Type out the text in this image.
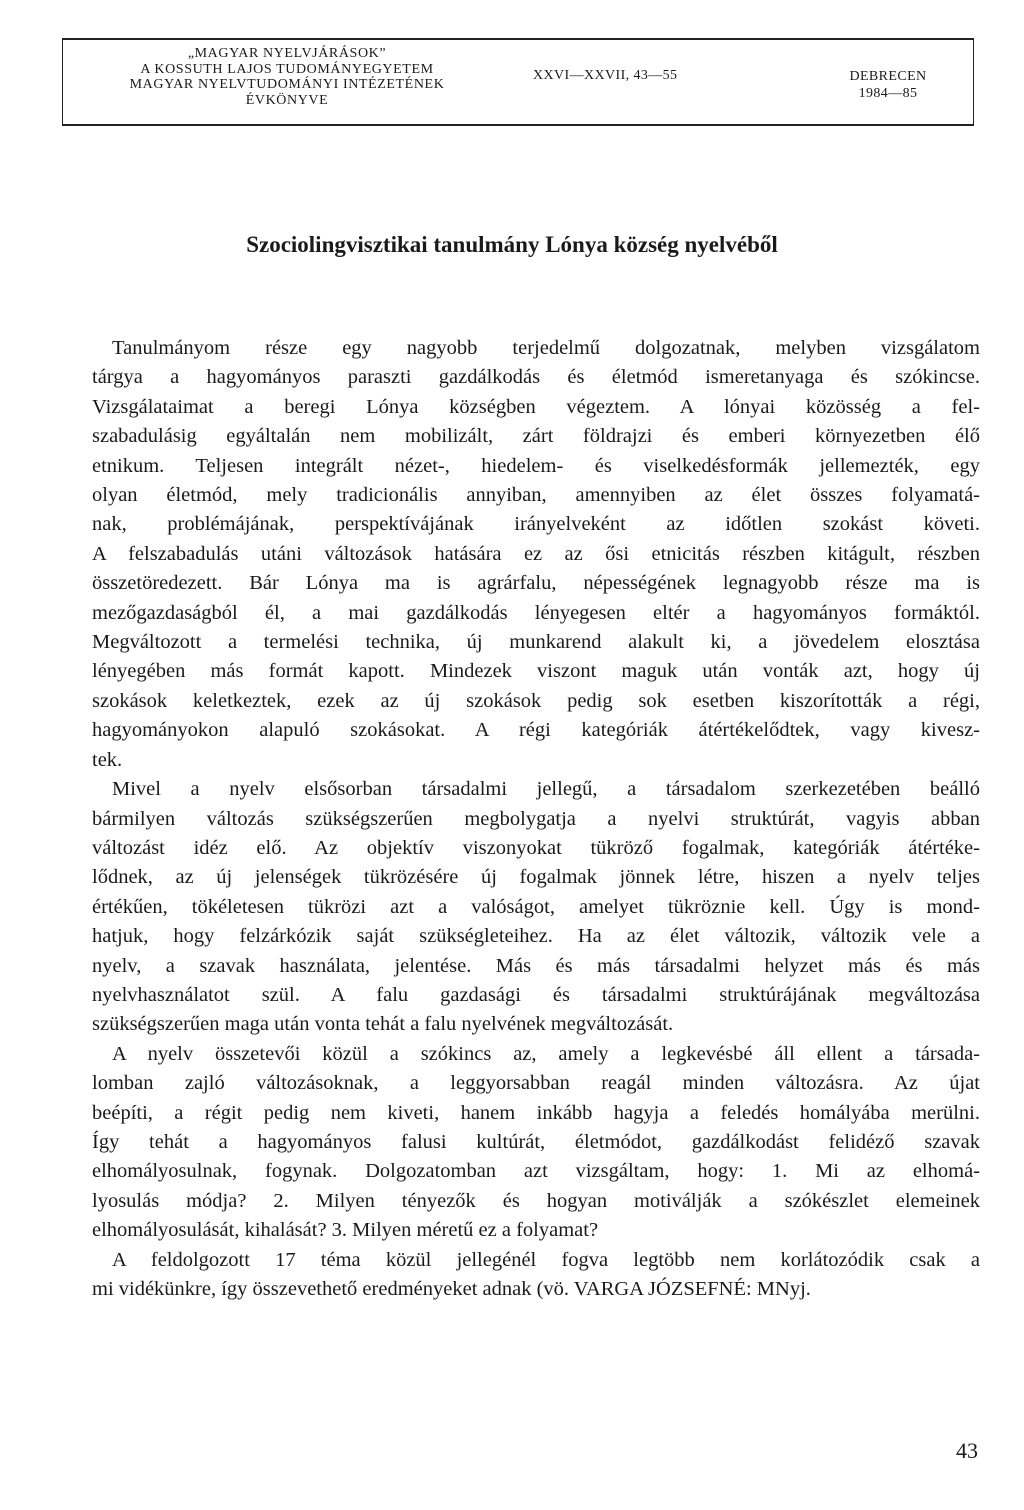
„MAGYAR NYELVJÁRÁSOK”
A KOSSUTH LAJOS TUDOMÁNYEGYETEM
MAGYAR NYELVTUDOMÁNYI INTÉZETÉNEK
ÉVKÖNYVE
XXVI—XXVII, 43—55	DEBRECEN
1984—85
Szociolingvisztikai tanulmány Lónya község nyelvéből

Tanulmányom része egy nagyobb terjedelmű dolgozatnak, melyben vizsgálatom
tárgya a hagyományos paraszti gazdálkodás és életmód ismeretanyaga és szókincse.
Vizsgálataimat a beregi Lónya községben végeztem. A lónyai közösség a fel-
szabadulásig egyáltalán nem mobilizált, zárt földrajzi és emberi környezetben élő
etnikum. Teljesen integrált nézet-, hiedelem- és viselkedésformák jellemezték, egy
olyan életmód, mely tradicionális annyiban, amennyiben az élet összes folyamatá-
nak, problémájának, perspektívájának irányelveként az időtlen szokást követi.
A felszabadulás utáni változások hatására ez az ősi etnicitás részben kitágult, részben
összetöredezett. Bár Lónya ma is agrárfalu, népességének legnagyobb része ma is
mezőgazdaságból él, a mai gazdálkodás lényegesen eltér a hagyományos formáktól.
Megváltozott a termelési technika, új munkarend alakult ki, a jövedelem elosztása
lényegében más formát kapott. Mindezek viszont maguk után vonták azt, hogy új
szokások keletkeztek, ezek az új szokások pedig sok esetben kiszorították a régi,
hagyományokon alapuló szokásokat. A régi kategóriák átértékelődtek, vagy kivesz-
tek.

Mivel a nyelv elsősorban társadalmi jellegű, a társadalom szerkezetében beálló
bármilyen változás szükségszerűen megbolygatja a nyelvi struktúrát, vagyis abban
változást idéz elő. Az objektív viszonyokat tükröző fogalmak, kategóriák átértéke-
lődnek, az új jelenségek tükrözésére új fogalmak jönnek létre, hiszen a nyelv teljes
értékűen, tökéletesen tükrözi azt a valóságot, amelyet tükröznie kell. Úgy is mond-
hatjuk, hogy felzárkózik saját szükségleteihez. Ha az élet változik, változik vele a
nyelv, a szavak használata, jelentése. Más és más társadalmi helyzet más és más
nyelvhasználatot szül. A falu gazdasági és társadalmi struktúrájának megváltozása
szükségszerűen maga után vonta tehát a falu nyelvének megváltozását.

A nyelv összetevői közül a szókincs az, amely a legkevésbé áll ellent a társada-
lomban zajló változásoknak, a leggyorsabban reagál minden változásra. Az újat
beépíti, a régit pedig nem kiveti, hanem inkább hagyja a feledés homályába merülni.
Így tehát a hagyományos falusi kultúrát, életmódot, gazdálkodást felidéző szavak
elhomályosulnak, fogynak. Dolgozatomban azt vizsgáltam, hogy: 1. Mi az elhomá-
lyosulás módja? 2. Milyen tényezők és hogyan motiválják a szókészlet elemeinek
elhomályosulását, kihalását? 3. Milyen méretű ez a folyamat?

A feldolgozott 17 téma közül jellegénél fogva legtöbb nem korlátozódik csak a
mi vidékünkre, így összevethető eredményeket adnak (vö. VARGA JÓZSEFNÉ: MNyj.

43
